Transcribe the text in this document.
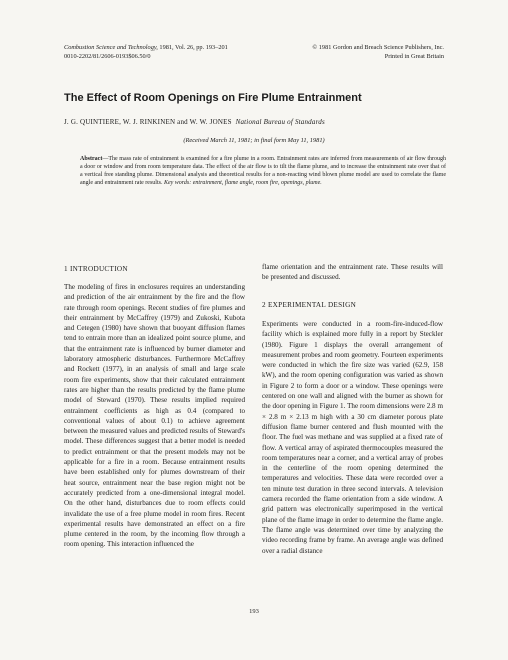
Combustion Science and Technology, 1981, Vol. 26, pp. 193–201
0010-2202/81/2606-0193$06.50/0
© 1981 Gordon and Breach Science Publishers, Inc.
Printed in Great Britain
The Effect of Room Openings on Fire Plume Entrainment
J. G. QUINTIERE, W. J. RINKINEN and W. W. JONES National Bureau of Standards
(Received March 11, 1981; in final form May 11, 1981)
Abstract—The mass rate of entrainment is examined for a fire plume in a room. Entrainment rates are inferred from measurements of air flow through a door or window and from room temperature data. The effect of the air flow is to tilt the flame plume, and to increase the entrainment rate over that of a vertical free standing plume. Dimensional analysis and theoretical results for a non-reacting wind blown plume model are used to correlate the flame angle and entrainment rate results. Key words: entrainment, flame angle, room fire, openings, plume.
1 INTRODUCTION

The modeling of fires in enclosures requires an understanding and prediction of the air entrainment by the fire and the flow rate through room openings. Recent studies of fire plumes and their entrainment by McCaffrey (1979) and Zukoski, Kubota and Cetegen (1980) have shown that buoyant diffusion flames tend to entrain more than an idealized point source plume, and that the entrainment rate is influenced by burner diameter and laboratory atmospheric disturbances. Furthermore McCaffrey and Rockett (1977), in an analysis of small and large scale room fire experiments, show that their calculated entrainment rates are higher than the results predicted by the flame plume model of Steward (1970). These results implied required entrainment coefficients as high as 0.4 (compared to conventional values of about 0.1) to achieve agreement between the measured values and predicted results of Steward's model. These differences suggest that a better model is needed to predict entrainment or that the present models may not be applicable for a fire in a room. Because entrainment results have been established only for plumes downstream of their heat source, entrainment near the base region might not be accurately predicted from a one-dimensional integral model. On the other hand, disturbances due to room effects could invalidate the use of a free plume model in room fires. Recent experimental results have demonstrated an effect on a fire plume centered in the room, by the incoming flow through a room opening. This interaction influenced the

flame orientation and the entrainment rate. These results will be presented and discussed.

2 EXPERIMENTAL DESIGN

Experiments were conducted in a room-fire-induced-flow facility which is explained more fully in a report by Steckler (1980). Figure 1 displays the overall arrangement of measurement probes and room geometry. Fourteen experiments were conducted in which the fire size was varied (62.9, 158 kW), and the room opening configuration was varied as shown in Figure 2 to form a door or a window. These openings were centered on one wall and aligned with the burner as shown for the door opening in Figure 1. The room dimensions were 2.8 m × 2.8 m × 2.13 m high with a 30 cm diameter porous plate diffusion flame burner centered and flush mounted with the floor. The fuel was methane and was supplied at a fixed rate of flow. A vertical array of aspirated thermocouples measured the room temperatures near a corner, and a vertical array of probes in the centerline of the room opening determined the temperatures and velocities. These data were recorded over a ten minute test duration in three second intervals. A television camera recorded the flame orientation from a side window. A grid pattern was electronically superimposed in the vertical plane of the flame image in order to determine the flame angle. The flame angle was determined over time by analyzing the video recording frame by frame. An average angle was defined over a radial distance

193
